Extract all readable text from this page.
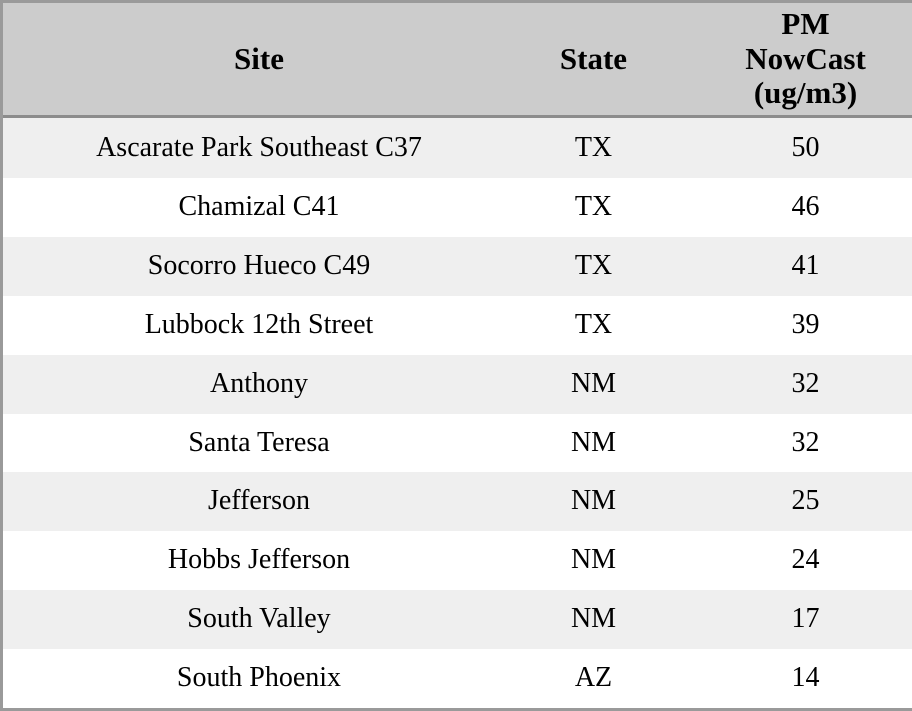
Site	State	PM
NowCast
(ug/m3)

Ascarate Park Southeast C37	TX	50
Chamizal C41	TX	46
Socorro Hueco C49	TX	41
Lubbock 12th Street	TX	39
Anthony	NM	32
Santa Teresa	NM	32
Jefferson	NM	25
Hobbs Jefferson	NM	24
South Valley	NM	17
South Phoenix	AZ	14
